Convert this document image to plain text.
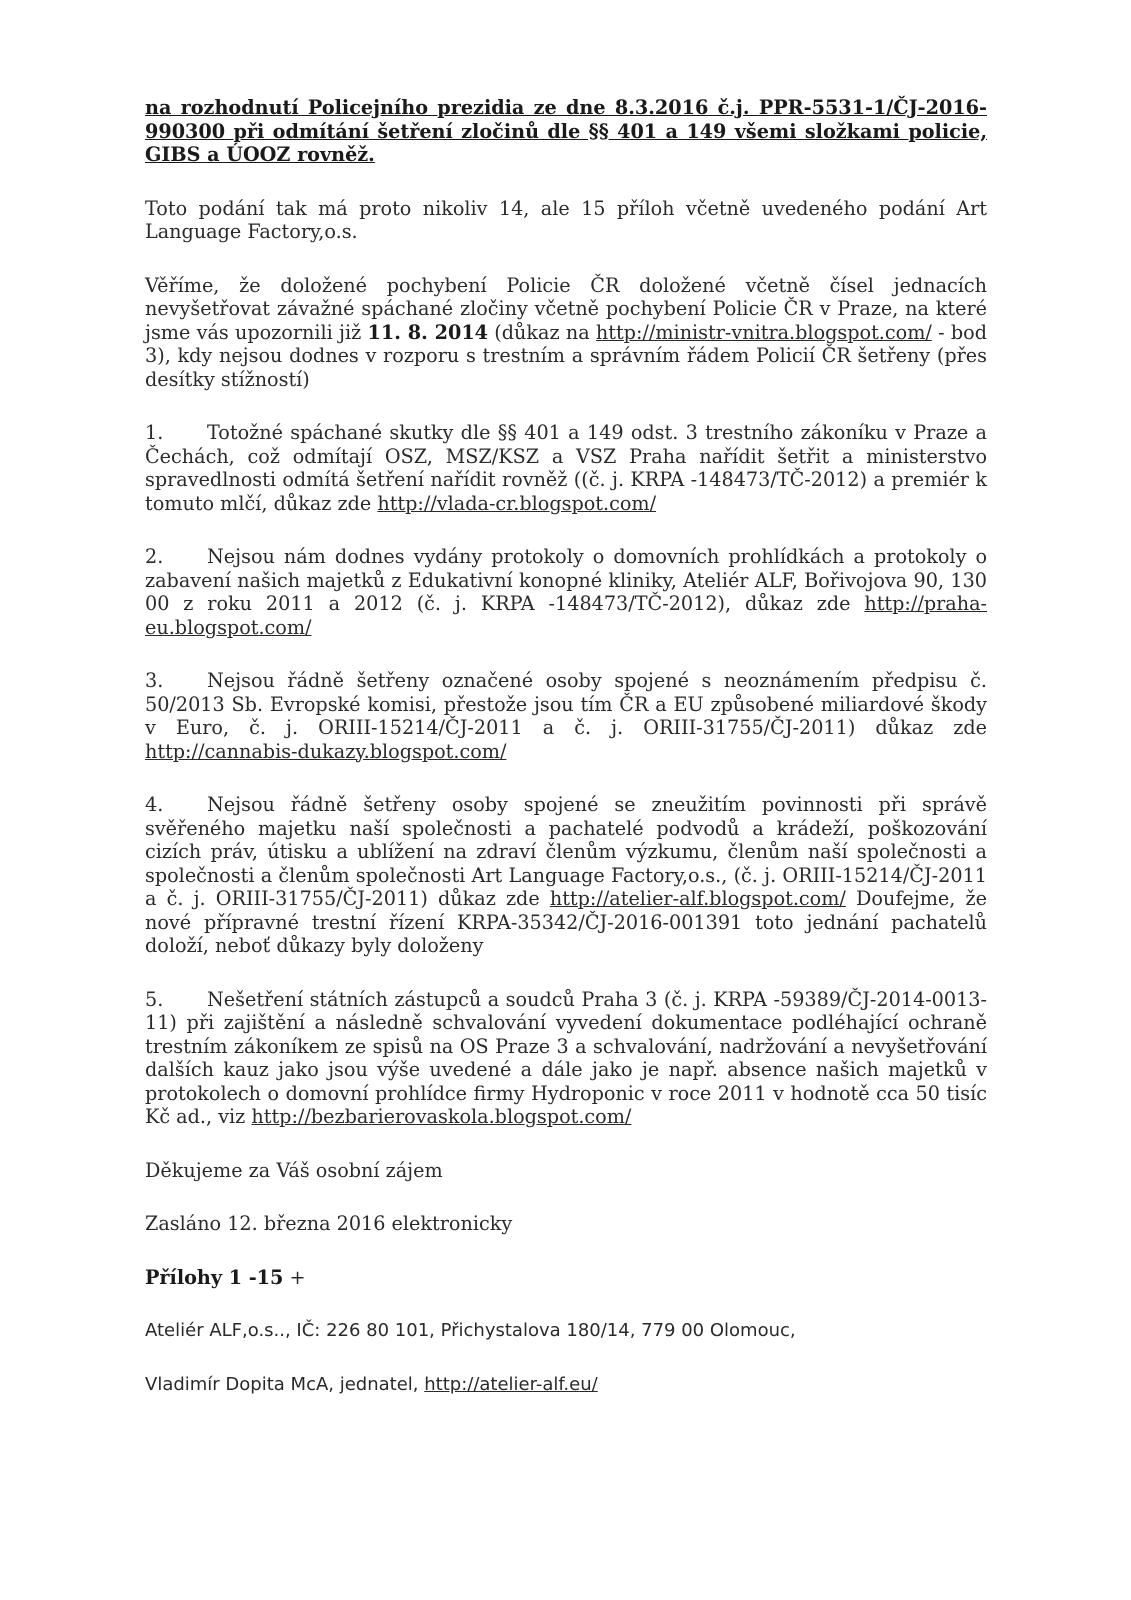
na rozhodnutí Policejního prezidia ze dne 8.3.2016 č.j. PPR-5531-1/ČJ-2016-990300 při odmítání šetření zločinů dle §§ 401 a 149 všemi složkami policie, GIBS a ÚOOZ rovněž.

Toto podání tak má proto nikoliv 14, ale 15 příloh včetně uvedeného podání Art Language Factory,o.s.

Věříme, že doložené pochybení Policie ČR doložené včetně čísel jednacích nevyšetřovat závažné spáchané zločiny včetně pochybení Policie ČR v Praze, na které jsme vás upozornili již 11. 8. 2014 (důkaz na http://ministr-vnitra.blogspot.com/ - bod 3), kdy nejsou dodnes v rozporu s trestním a správním řádem Policií ČR šetřeny (přes desítky stížností)

1. Totožné spáchané skutky dle §§ 401 a 149 odst. 3 trestního zákoníku v Praze a Čechách, což odmítají OSZ, MSZ/KSZ a VSZ Praha nařídit šetřit a ministerstvo spravedlnosti odmítá šetření nařídit rovněž ((č. j. KRPA -148473/TČ-2012) a premiér k tomuto mlčí, důkaz zde http://vlada-cr.blogspot.com/

2. Nejsou nám dodnes vydány protokoly o domovních prohlídkách a protokoly o zabavení našich majetků z Edukativní konopné kliniky, Ateliér ALF, Bořivojova 90, 130 00 z roku 2011 a 2012 (č. j. KRPA -148473/TČ-2012), důkaz zde http://praha-eu.blogspot.com/

3. Nejsou řádně šetřeny označené osoby spojené s neoznámením předpisu č. 50/2013 Sb. Evropské komisi, přestože jsou tím ČR a EU způsobené miliardové škody v Euro, č. j. ORIII-15214/ČJ-2011 a č. j. ORIII-31755/ČJ-2011) důkaz zde http://cannabis-dukazy.blogspot.com/

4. Nejsou řádně šetřeny osoby spojené se zneužitím povinnosti při správě svěřeného majetku naší společnosti a pachatelé podvodů a krádeží, poškozování cizích práv, útisku a ublížení na zdraví členům výzkumu, členům naší společnosti a společnosti a členům společnosti Art Language Factory,o.s., (č. j. ORIII-15214/ČJ-2011 a č. j. ORIII-31755/ČJ-2011) důkaz zde http://atelier-alf.blogspot.com/ Doufejme, že nové přípravné trestní řízení KRPA-35342/ČJ-2016-001391 toto jednání pachatelů doloží, neboť důkazy byly doloženy

5. Nešetření státních zástupců a soudců Praha 3 (č. j. KRPA -59389/ČJ-2014-0013-11) při zajištění a následně schvalování vyvedení dokumentace podléhající ochraně trestním zákoníkem ze spisů na OS Praze 3 a schvalování, nadržování a nevyšetřování dalších kauz jako jsou výše uvedené a dále jako je např. absence našich majetků v protokolech o domovní prohlídce firmy Hydroponic v roce 2011 v hodnotě cca 50 tisíc Kč ad., viz http://bezbarierovaskola.blogspot.com/

Děkujeme za Váš osobní zájem

Zasláno 12. března 2016 elektronicky

Přílohy 1 -15 +

Ateliér ALF,o.s.., IČ: 226 80 101, Přichystalova 180/14, 779 00 Olomouc,

Vladimír Dopita McA, jednatel, http://atelier-alf.eu/
